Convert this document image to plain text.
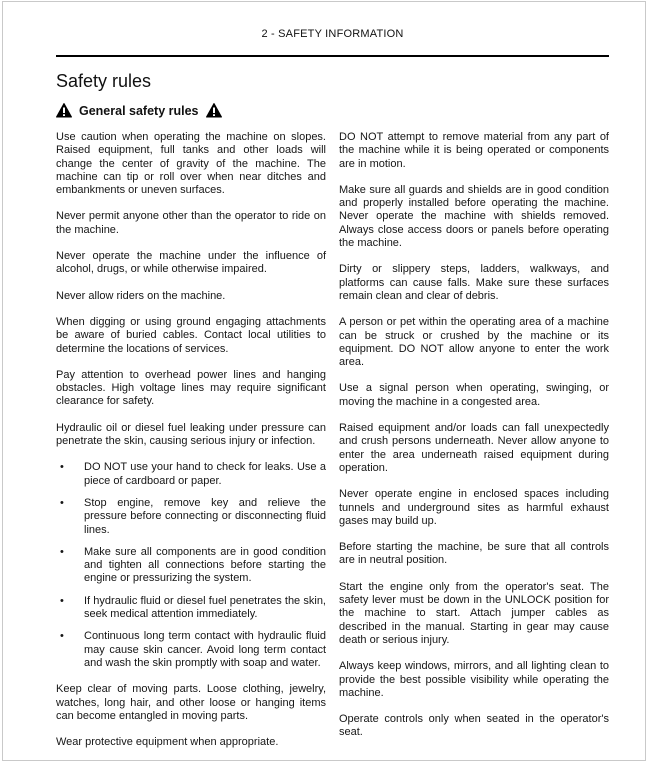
2 - SAFETY INFORMATION
Safety rules
General safety rules

Use caution when operating the machine on slopes. Raised equipment, full tanks and other loads will change the center of gravity of the machine. The machine can tip or roll over when near ditches and embankments or uneven surfaces.

Never permit anyone other than the operator to ride on the machine.

Never operate the machine under the influence of alcohol, drugs, or while otherwise impaired.

Never allow riders on the machine.

When digging or using ground engaging attachments be aware of buried cables. Contact local utilities to determine the locations of services.

Pay attention to overhead power lines and hanging obstacles. High voltage lines may require significant clearance for safety.

Hydraulic oil or diesel fuel leaking under pressure can penetrate the skin, causing serious injury or infection.

•
DO NOT use your hand to check for leaks. Use a piece of cardboard or paper.
•
Stop engine, remove key and relieve the pressure before connecting or disconnecting fluid lines.
•
Make sure all components are in good condition and tighten all connections before starting the engine or pressurizing the system.
•
If hydraulic fluid or diesel fuel penetrates the skin, seek medical attention immediately.
•
Continuous long term contact with hydraulic fluid may cause skin cancer. Avoid long term contact and wash the skin promptly with soap and water.

Keep clear of moving parts. Loose clothing, jewelry, watches, long hair, and other loose or hanging items can become entangled in moving parts.

Wear protective equipment when appropriate.

DO NOT attempt to remove material from any part of the machine while it is being operated or components are in motion.

Make sure all guards and shields are in good condition and properly installed before operating the machine. Never operate the machine with shields removed. Always close access doors or panels before operating the machine.

Dirty or slippery steps, ladders, walkways, and platforms can cause falls. Make sure these surfaces remain clean and clear of debris.

A person or pet within the operating area of a machine can be struck or crushed by the machine or its equipment. DO NOT allow anyone to enter the work area.

Use a signal person when operating, swinging, or moving the machine in a congested area.

Raised equipment and/or loads can fall unexpectedly and crush persons underneath. Never allow anyone to enter the area underneath raised equipment during operation.

Never operate engine in enclosed spaces including tunnels and underground sites as harmful exhaust gases may build up.

Before starting the machine, be sure that all controls are in neutral position.

Start the engine only from the operator's seat. The safety lever must be down in the UNLOCK position for the machine to start. Attach jumper cables as described in the manual. Starting in gear may cause death or serious injury.

Always keep windows, mirrors, and all lighting clean to provide the best possible visibility while operating the machine.

Operate controls only when seated in the operator's seat.
